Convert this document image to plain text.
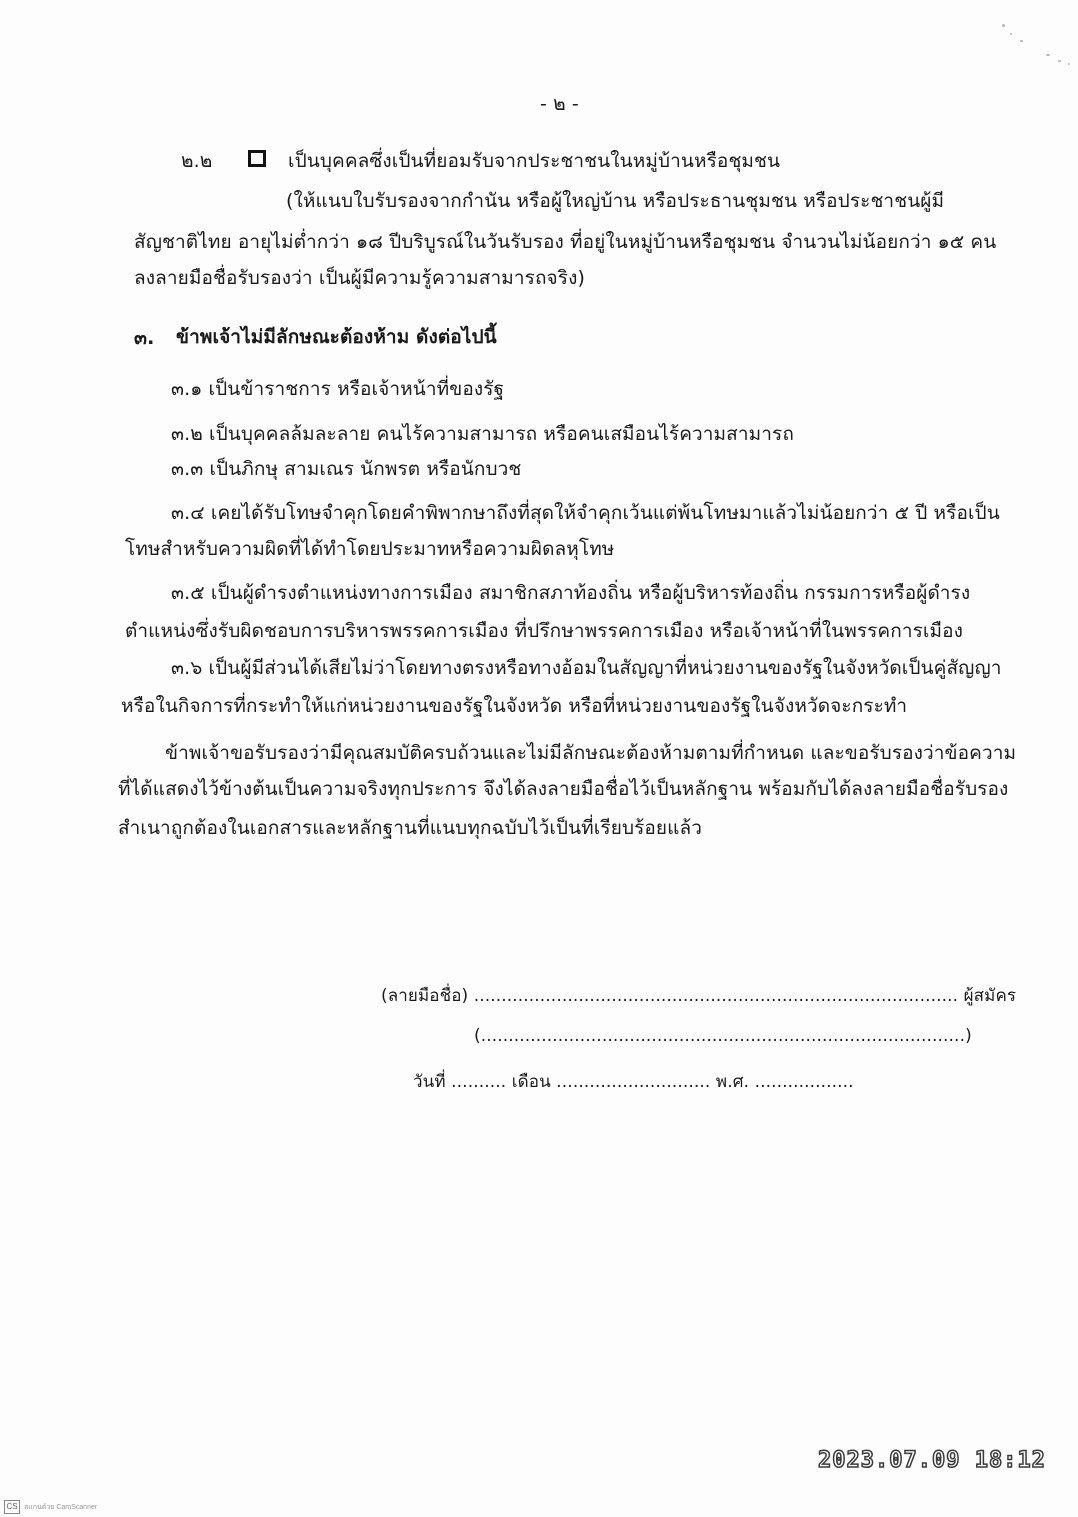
- ๒ -
๒.๒	เป็นบุคคลซึ่งเป็นที่ยอมรับจากประชาชนในหมู่บ้านหรือชุมชน
(ให้แนบใบรับรองจากกำนัน หรือผู้ใหญ่บ้าน หรือประธานชุมชน หรือประชาชนผู้มี
สัญชาติไทย อายุไม่ต่ำกว่า ๑๘ ปีบริบูรณ์ในวันรับรอง ที่อยู่ในหมู่บ้านหรือชุมชน จำนวนไม่น้อยกว่า ๑๕ คน
ลงลายมือชื่อรับรองว่า เป็นผู้มีความรู้ความสามารถจริง)
๓. ข้าพเจ้าไม่มีลักษณะต้องห้าม ดังต่อไปนี้
๓.๑ เป็นข้าราชการ หรือเจ้าหน้าที่ของรัฐ
๓.๒ เป็นบุคคลล้มละลาย คนไร้ความสามารถ หรือคนเสมือนไร้ความสามารถ
๓.๓ เป็นภิกษุ สามเณร นักพรต หรือนักบวช
๓.๔ เคยได้รับโทษจำคุกโดยคำพิพากษาถึงที่สุดให้จำคุกเว้นแต่พ้นโทษมาแล้วไม่น้อยกว่า ๕ ปี หรือเป็น
โทษสำหรับความผิดที่ได้ทำโดยประมาทหรือความผิดลหุโทษ
๓.๕ เป็นผู้ดำรงตำแหน่งทางการเมือง สมาชิกสภาท้องถิ่น หรือผู้บริหารท้องถิ่น กรรมการหรือผู้ดำรง
ตำแหน่งซึ่งรับผิดชอบการบริหารพรรคการเมือง ที่ปรึกษาพรรคการเมือง หรือเจ้าหน้าที่ในพรรคการเมือง
๓.๖ เป็นผู้มีส่วนได้เสียไม่ว่าโดยทางตรงหรือทางอ้อมในสัญญาที่หน่วยงานของรัฐในจังหวัดเป็นคู่สัญญา
หรือในกิจการที่กระทำให้แก่หน่วยงานของรัฐในจังหวัด หรือที่หน่วยงานของรัฐในจังหวัดจะกระทำ
ข้าพเจ้าขอรับรองว่ามีคุณสมบัติครบถ้วนและไม่มีลักษณะต้องห้ามตามที่กำหนด และขอรับรองว่าข้อความ
ที่ได้แสดงไว้ข้างต้นเป็นความจริงทุกประการ จึงได้ลงลายมือชื่อไว้เป็นหลักฐาน พร้อมกับได้ลงลายมือชื่อรับรอง
สำเนาถูกต้องในเอกสารและหลักฐานที่แนบทุกฉบับไว้เป็นที่เรียบร้อยแล้ว
(ลายมือชื่อ) ........................................................................................ ผู้สมัคร
(........................................................................................)
วันที่ .......... เดือน ............................ พ.ศ. ..................
2023.07.09 18:12
CS สแกนด้วย CamScanner
